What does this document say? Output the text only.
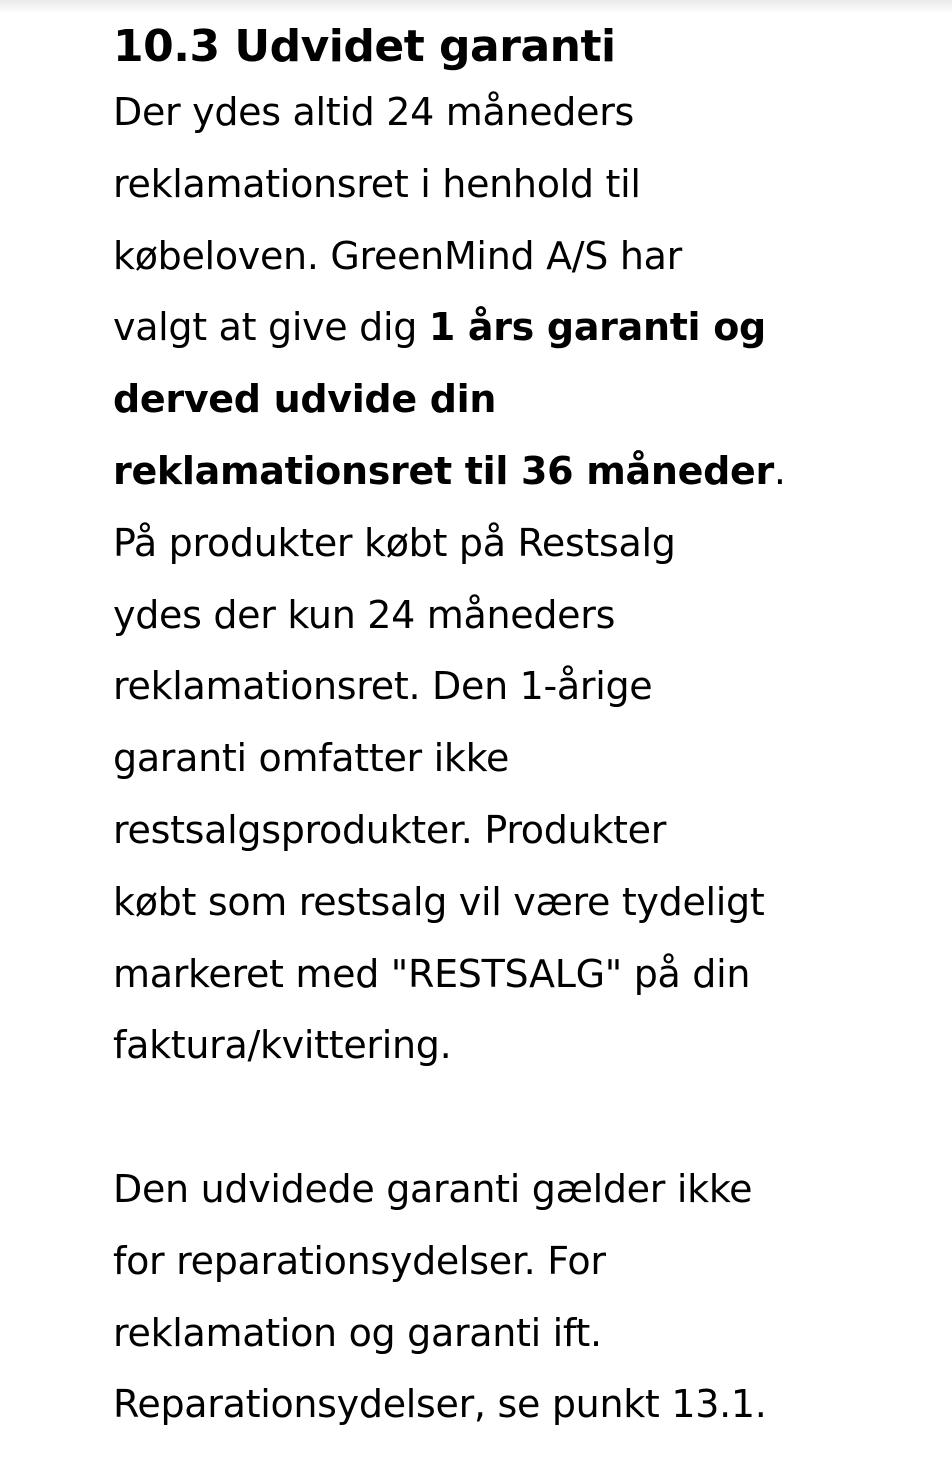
10.3 Udvidet garanti

Der ydes altid 24 måneders
reklamationsret i henhold til
købeloven. GreenMind A/S har
valgt at give dig 1 års garanti og
derved udvide din
reklamationsret til 36 måneder.
På produkter købt på Restsalg
ydes der kun 24 måneders
reklamationsret. Den 1-årige
garanti omfatter ikke
restsalgsprodukter. Produkter
købt som restsalg vil være tydeligt
markeret med "RESTSALG" på din
faktura/kvittering.

Den udvidede garanti gælder ikke
for reparationsydelser. For
reklamation og garanti ift.
Reparationsydelser, se punkt 13.1.
